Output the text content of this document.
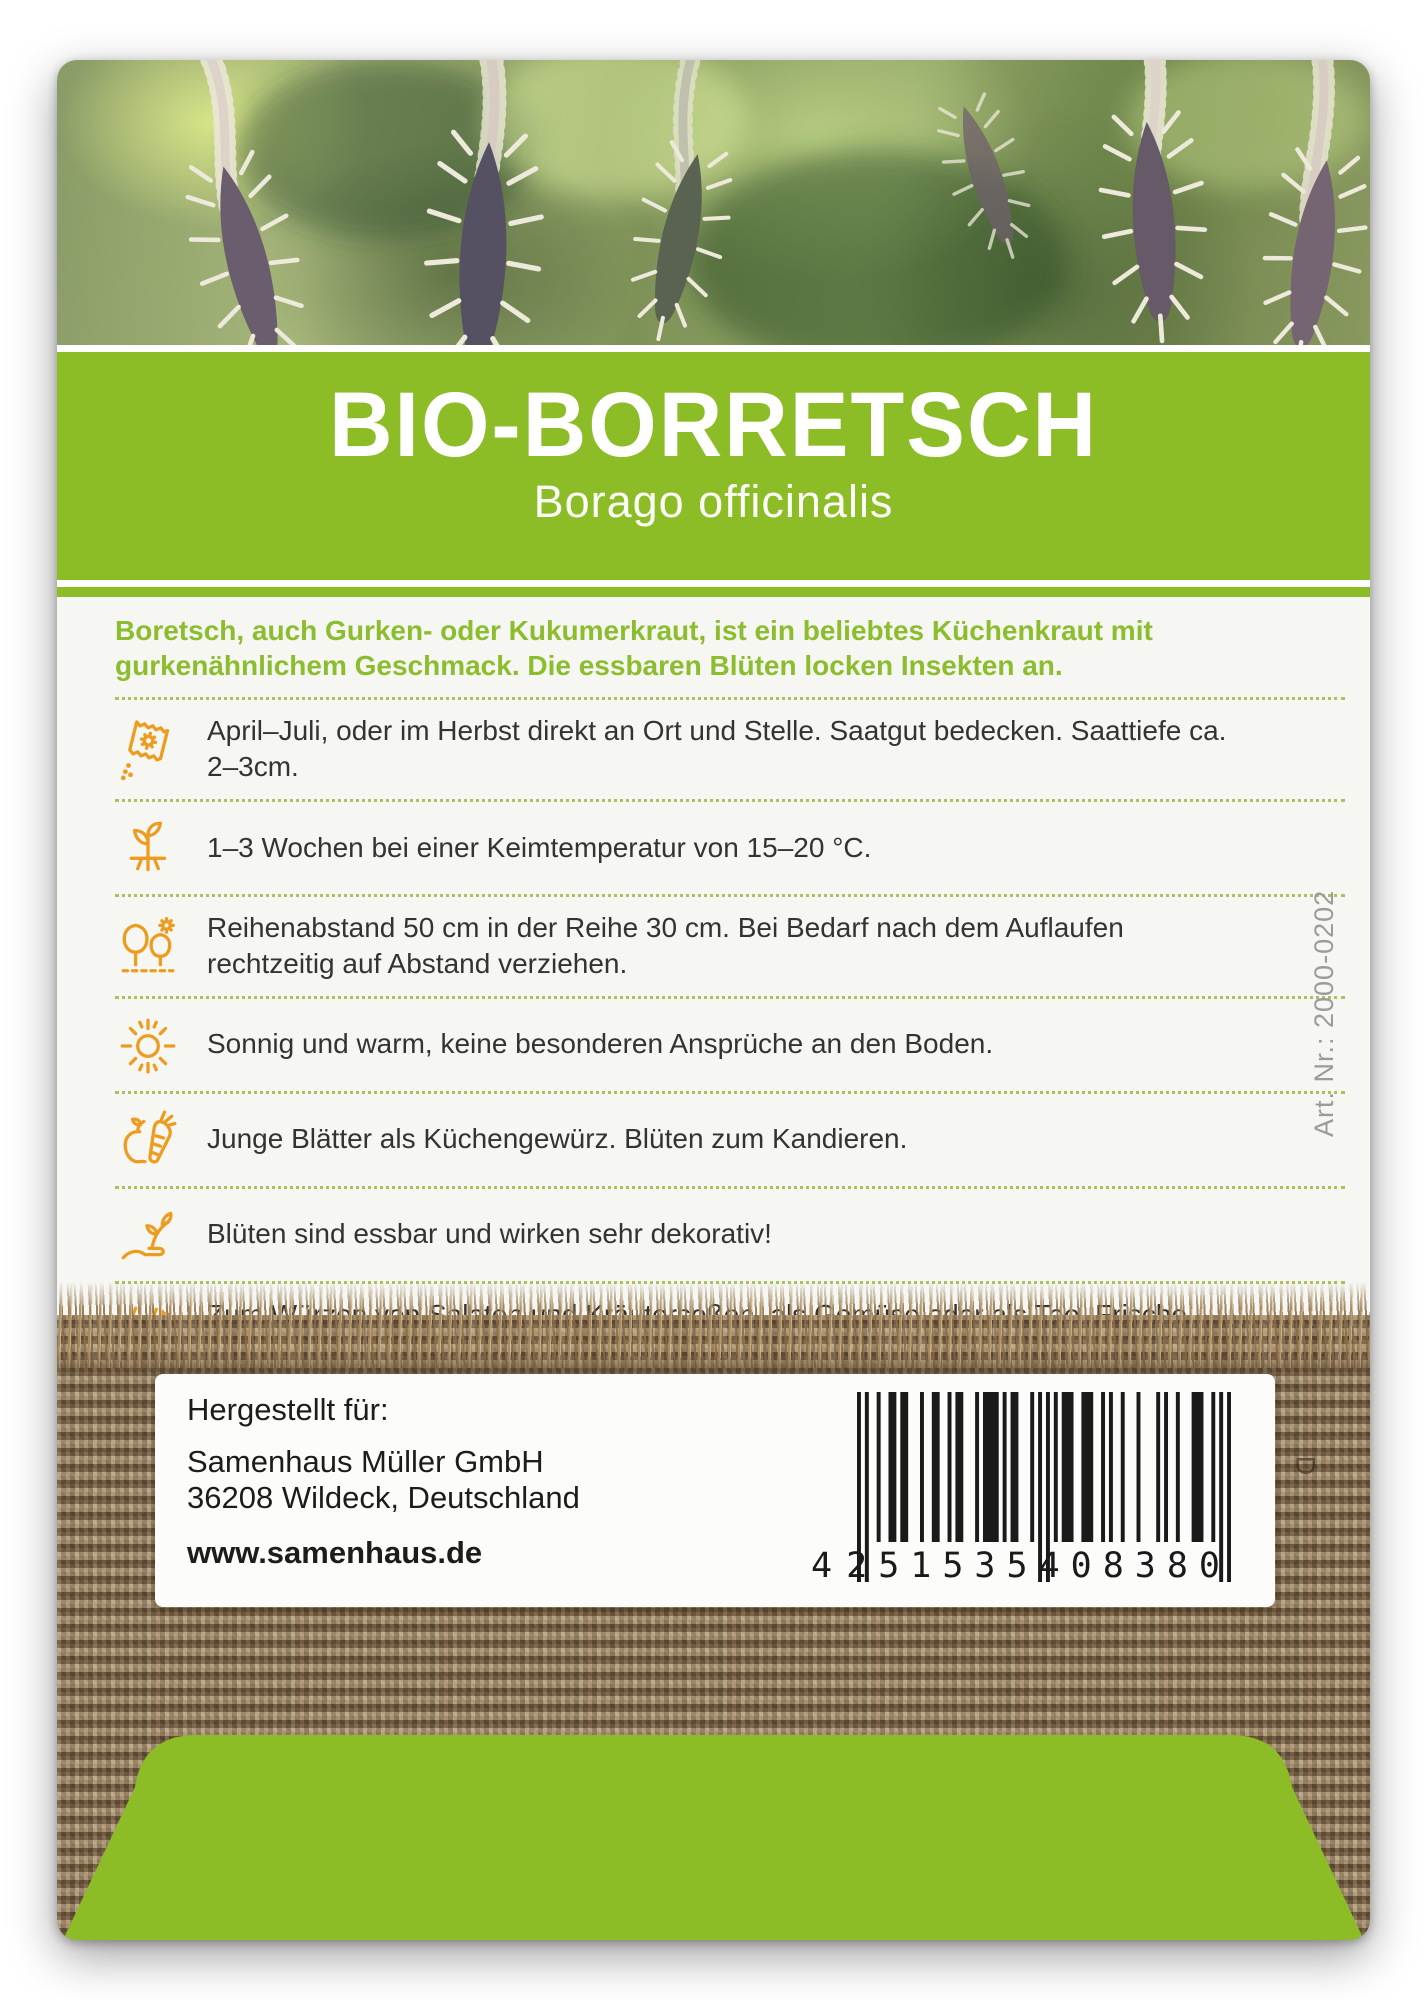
BIO-BORRETSCH
Borago officinalis

Boretsch, auch Gurken- oder Kukumerkraut, ist ein beliebtes Küchenkraut mit gurkenähnlichem Geschmack. Die essbaren Blüten locken Insekten an.

April–Juli, oder im Herbst direkt an Ort und Stelle. Saatgut bedecken. Saattiefe ca. 2–3cm.
1–3 Wochen bei einer Keimtemperatur von 15–20 °C.
Reihenabstand 50 cm in der Reihe 30 cm. Bei Bedarf nach dem Auflaufen rechtzeitig auf Abstand verziehen.
Sonnig und warm, keine besonderen Ansprüche an den Boden.
Junge Blätter als Küchengewürz. Blüten zum Kandieren.
Blüten sind essbar und wirken sehr dekorativ!
Art. Nr.: 2000-0202
D
Hergestellt für:
Samenhaus Müller GmbH
36208 Wildeck, Deutschland
www.samenhaus.de	4 251535 408380
